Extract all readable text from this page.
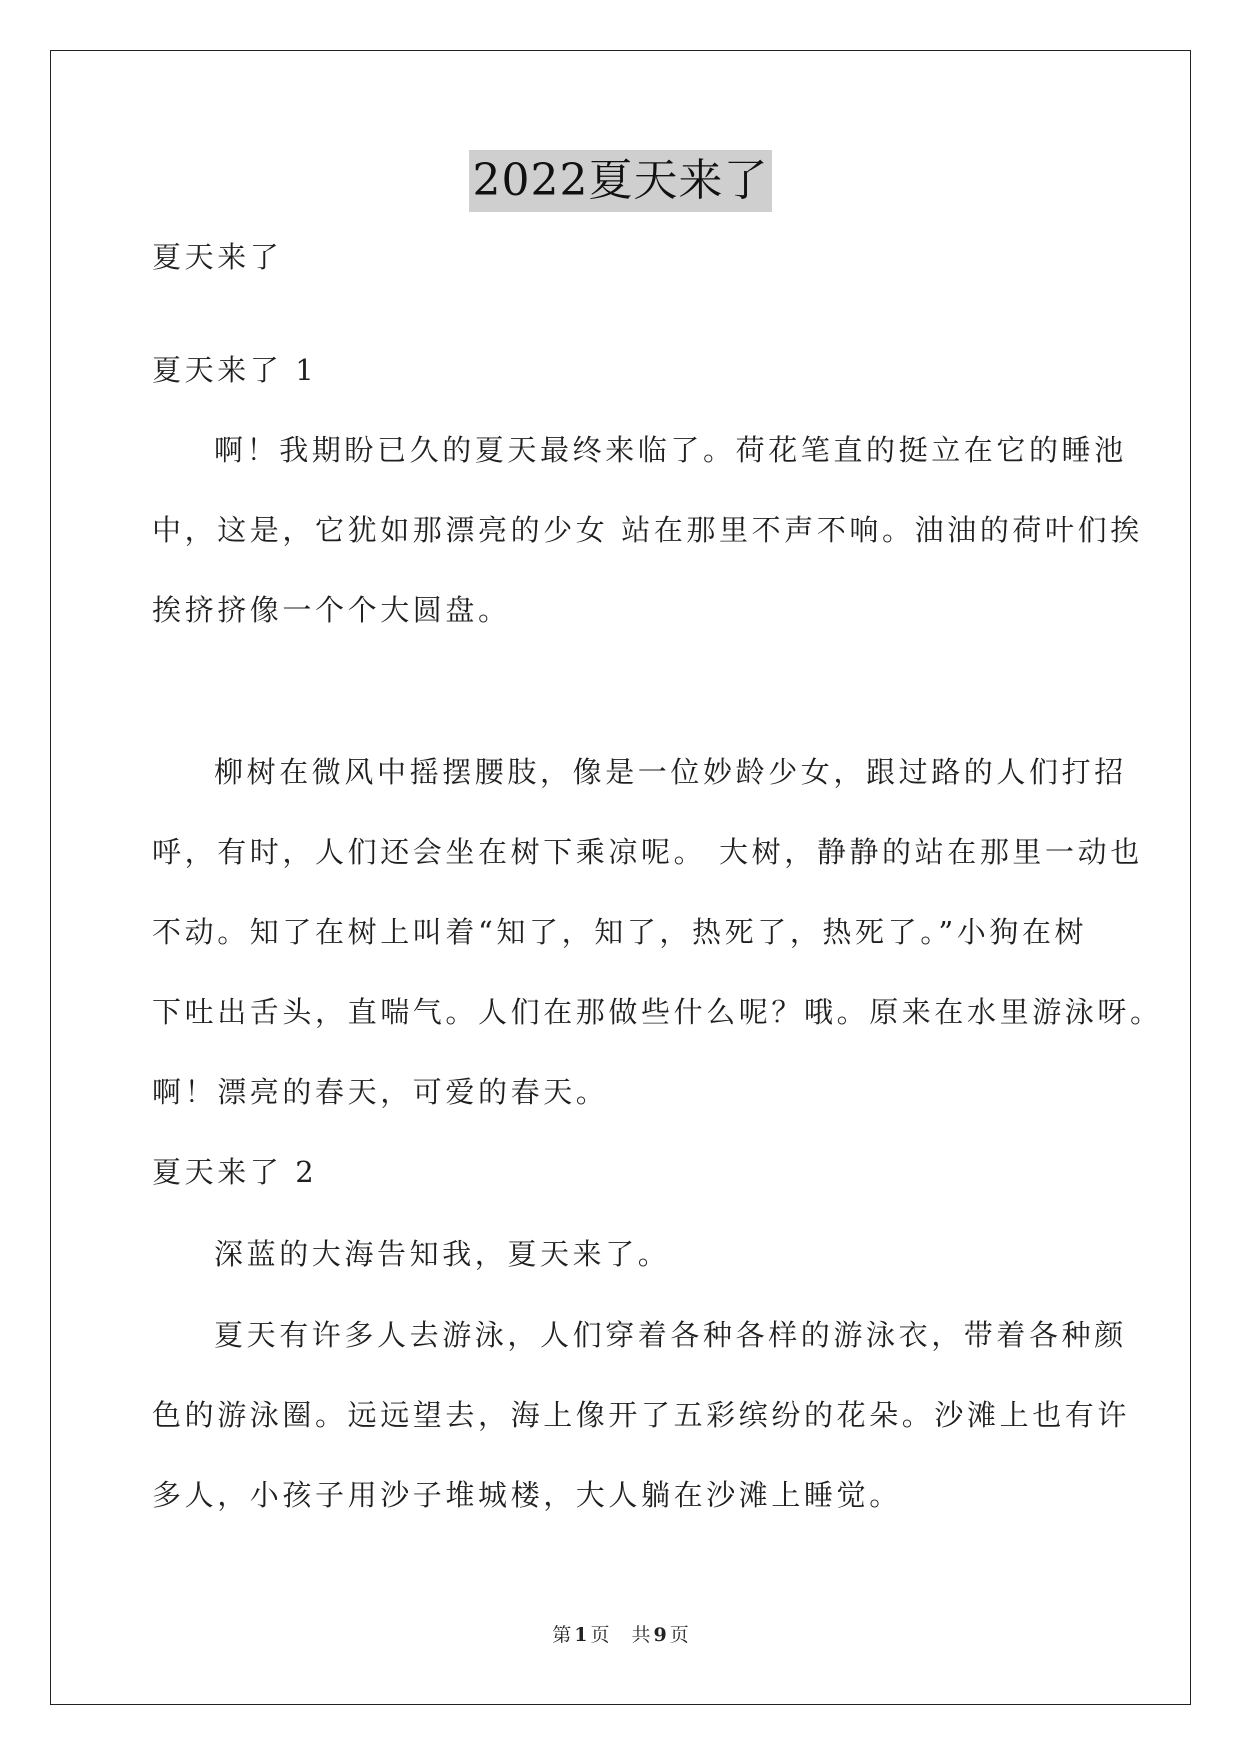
2022夏天来了
夏天来了
夏天来了 1
啊！我期盼已久的夏天最终来临了。荷花笔直的挺立在它的睡池
中，这是，它犹如那漂亮的少女 站在那里不声不响。油油的荷叶们挨
挨挤挤像一个个大圆盘。
柳树在微风中摇摆腰肢，像是一位妙龄少女，跟过路的人们打招
呼，有时，人们还会坐在树下乘凉呢。 大树，静静的站在那里一动也
不动。知了在树上叫着“知了，知了，热死了，热死了。”小狗在树
下吐出舌头，直喘气。人们在那做些什么呢？哦。原来在水里游泳呀。
啊！漂亮的春天，可爱的春天。
夏天来了 2
深蓝的大海告知我，夏天来了。
夏天有许多人去游泳，人们穿着各种各样的游泳衣，带着各种颜
色的游泳圈。远远望去，海上像开了五彩缤纷的花朵。沙滩上也有许
多人，小孩子用沙子堆城楼，大人躺在沙滩上睡觉。
第 1 页 共 9 页
